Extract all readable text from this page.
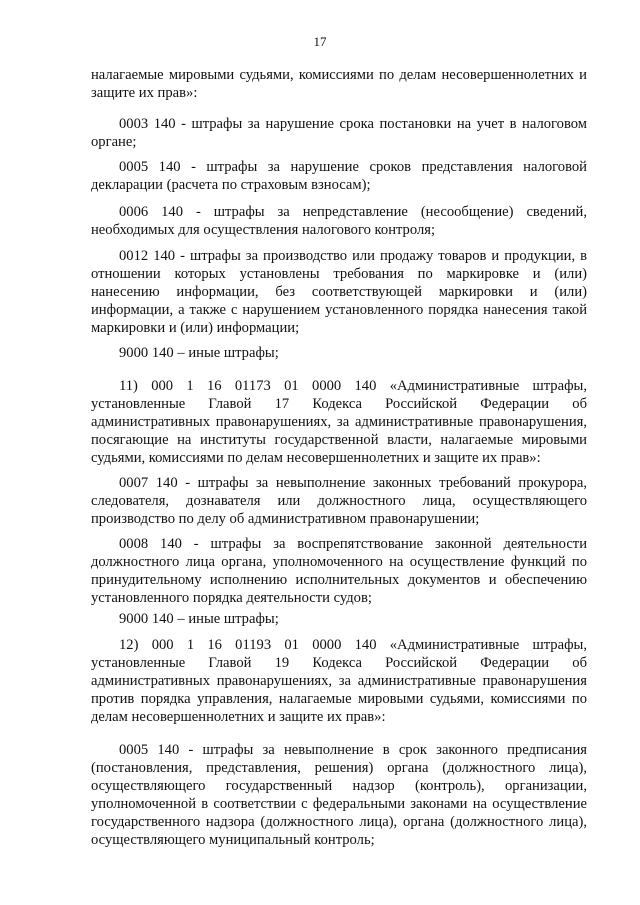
17

налагаемые мировыми судьями, комиссиями по делам несовершеннолетних и защите их прав»:

0003 140 - штрафы за нарушение срока постановки на учет в налоговом органе;

0005 140 - штрафы за нарушение сроков представления налоговой декларации (расчета по страховым взносам);

0006 140 - штрафы за непредставление (несообщение) сведений, необходимых для осуществления налогового контроля;

0012 140 - штрафы за производство или продажу товаров и продукции, в отношении которых установлены требования по маркировке и (или) нанесению информации, без соответствующей маркировки и (или) информации, а также с нарушением установленного порядка нанесения такой маркировки и (или) информации;

9000 140 – иные штрафы;

11) 000 1 16 01173 01 0000 140 «Административные штрафы, установленные Главой 17 Кодекса Российской Федерации об административных правонарушениях, за административные правонарушения, посягающие на институты государственной власти, налагаемые мировыми судьями, комиссиями по делам несовершеннолетних и защите их прав»:

0007 140 - штрафы за невыполнение законных требований прокурора, следователя, дознавателя или должностного лица, осуществляющего производство по делу об административном правонарушении;

0008 140 - штрафы за воспрепятствование законной деятельности должностного лица органа, уполномоченного на осуществление функций по принудительному исполнению исполнительных документов и обеспечению установленного порядка деятельности судов;

9000 140 – иные штрафы;

12) 000 1 16 01193 01 0000 140 «Административные штрафы, установленные Главой 19 Кодекса Российской Федерации об административных правонарушениях, за административные правонарушения против порядка управления, налагаемые мировыми судьями, комиссиями по делам несовершеннолетних и защите их прав»:

0005 140 - штрафы за невыполнение в срок законного предписания (постановления, представления, решения) органа (должностного лица), осуществляющего государственный надзор (контроль), организации, уполномоченной в соответствии с федеральными законами на осуществление государственного надзора (должностного лица), органа (должностного лица), осуществляющего муниципальный контроль;
